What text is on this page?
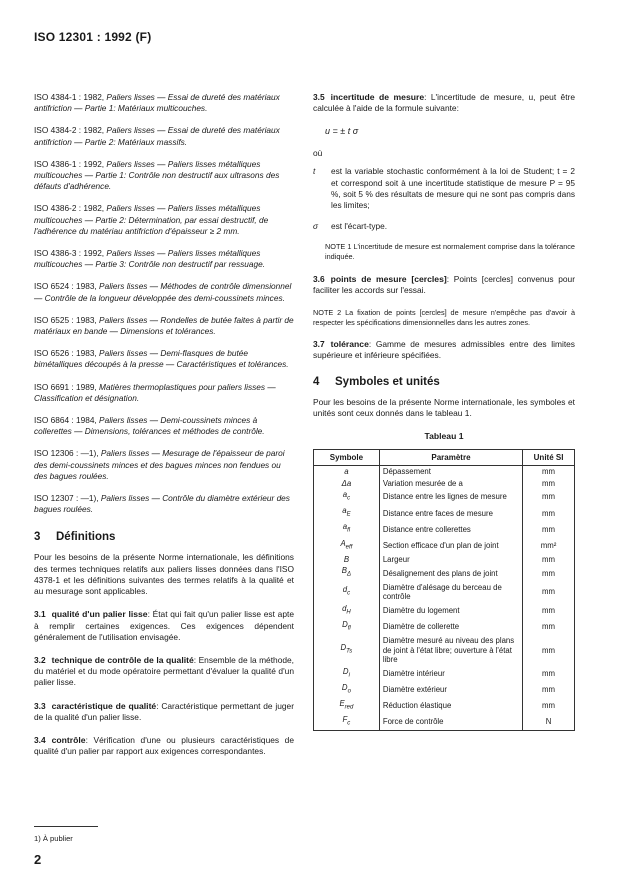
ISO 12301 : 1992 (F)
ISO 4384-1 : 1982, Paliers lisses — Essai de dureté des matériaux antifriction — Partie 1: Matériaux multicouches.
ISO 4384-2 : 1982, Paliers lisses — Essai de dureté des matériaux antifriction — Partie 2: Matériaux massifs.
ISO 4386-1 : 1992, Paliers lisses — Paliers lisses métalliques multicouches — Partie 1: Contrôle non destructif aux ultrasons des défauts d'adhérence.
ISO 4386-2 : 1982, Paliers lisses — Paliers lisses métalliques multicouches — Partie 2: Détermination, par essai destructif, de l'adhérence du matériau antifriction d'épaisseur ≥ 2 mm.
ISO 4386-3 : 1992, Paliers lisses — Paliers lisses métalliques multicouches — Partie 3: Contrôle non destructif par ressuage.
ISO 6524 : 1983, Paliers lisses — Méthodes de contrôle dimensionnel — Contrôle de la longueur développée des demi-coussinets minces.
ISO 6525 : 1983, Paliers lisses — Rondelles de butée faites à partir de matériaux en bande — Dimensions et tolérances.
ISO 6526 : 1983, Paliers lisses — Demi-flasques de butée bimétalliques découpés à la presse — Caractéristiques et tolérances.
ISO 6691 : 1989, Matières thermoplastiques pour paliers lisses — Classification et désignation.
ISO 6864 : 1984, Paliers lisses — Demi-coussinets minces à collerettes — Dimensions, tolérances et méthodes de contrôle.
ISO 12306 : —1), Paliers lisses — Mesurage de l'épaisseur de paroi des demi-coussinets minces et des bagues minces non fendues ou des bagues roulées.
ISO 12307 : —1), Paliers lisses — Contrôle du diamètre extérieur des bagues roulées.
3 Définitions
Pour les besoins de la présente Norme internationale, les définitions des termes techniques relatifs aux paliers lisses données dans l'ISO 4378-1 et les définitions suivantes des termes relatifs à la qualité et au mesurage sont applicables.
3.1 qualité d'un palier lisse: État qui fait qu'un palier lisse est apte à remplir certaines exigences. Ces exigences dépendent généralement de l'utilisation envisagée.
3.2 technique de contrôle de la qualité: Ensemble de la méthode, du matériel et du mode opératoire permettant d'évaluer la qualité d'un palier lisse.
3.3 caractéristique de qualité: Caractéristique permettant de juger de la qualité d'un palier lisse.
3.4 contrôle: Vérification d'une ou plusieurs caractéristiques de qualité d'un palier par rapport aux exigences correspondantes.
3.5 incertitude de mesure: L'incertitude de mesure, u, peut être calculée à l'aide de la formule suivante:
u = ± t σ
où
t	est la variable stochastic conformément à la loi de Student; t = 2 et correspond soit à une incertitude statistique de mesure P = 95 %, soit 5 % des résultats de mesure qui ne sont pas compris dans les limites;
σ	est l'écart-type.
NOTE 1 L'incertitude de mesure est normalement comprise dans la tolérance indiquée.
3.6 points de mesure [cercles]: Points [cercles] convenus pour faciliter les accords sur l'essai.
NOTE 2 La fixation de points [cercles] de mesure n'empêche pas d'avoir à respecter les spécifications dimensionnelles dans les autres zones.
3.7 tolérance: Gamme de mesures admissibles entre des limites supérieure et inférieure spécifiées.
4 Symboles et unités
Pour les besoins de la présente Norme internationale, les symboles et unités sont ceux donnés dans le tableau 1.
Tableau 1
Symbole	Paramètre	Unité SI
a	Dépassement	mm
Δa	Variation mesurée de a	mm
$a_c$	Distance entre les lignes de mesure	mm
$a_E$	Distance entre faces de mesure	mm
$a_{fl}$	Distance entre collerettes	mm
$A_{eff}$	Section efficace d'un plan de joint	mm²
B	Largeur	mm
$B_\Delta$	Désalignement des plans de joint	mm
$d_c$	Diamètre d'alésage du berceau de contrôle	mm
$d_H$	Diamètre du logement	mm
$D_{fl}$	Diamètre de collerette	mm
$D_{Ts}$	Diamètre mesuré au niveau des plans de joint à l'état libre; ouverture à l'état libre	mm
$D_i$	Diamètre intérieur	mm
$D_o$	Diamètre extérieur	mm
$E_{red}$	Réduction élastique	mm
$F_c$	Force de contrôle	N
1) À publier
2
